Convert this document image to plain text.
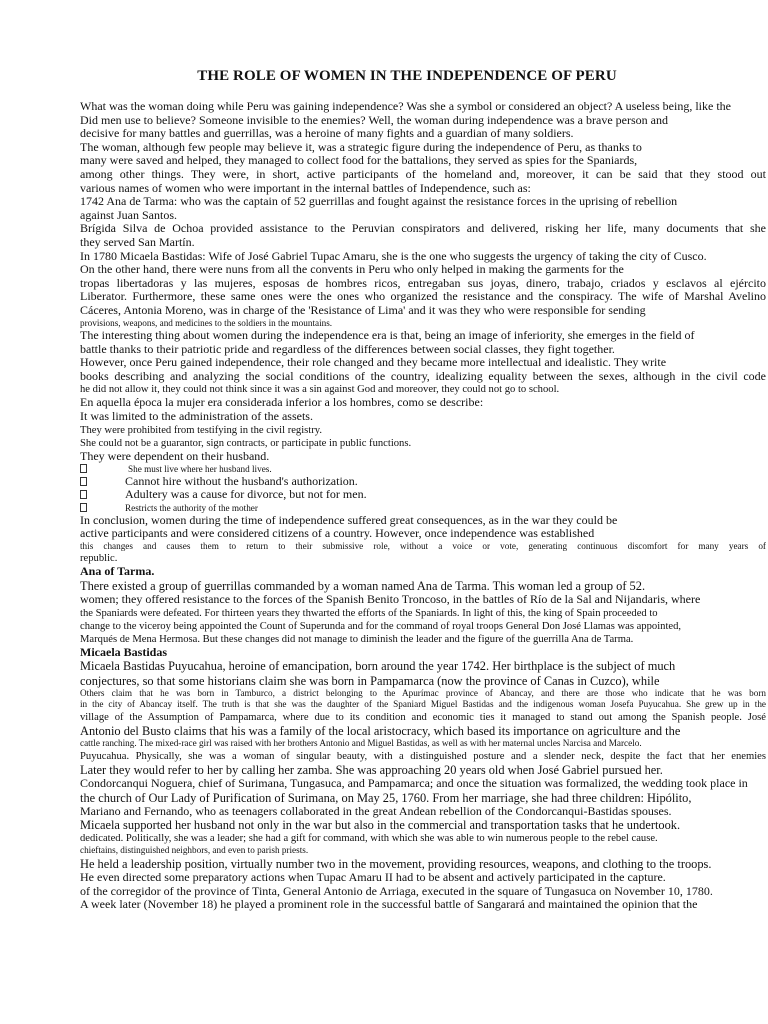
THE ROLE OF WOMEN IN THE INDEPENDENCE OF PERU
What was the woman doing while Peru was gaining independence? Was she a symbol or considered an object? A useless being, like the
Did men use to believe? Someone invisible to the enemies? Well, the woman during independence was a brave person and
decisive for many battles and guerrillas, was a heroine of many fights and a guardian of many soldiers.
The woman, although few people may believe it, was a strategic figure during the independence of Peru, as thanks to
many were saved and helped, they managed to collect food for the battalions, they served as spies for the Spaniards,
among other things. They were, in short, active participants of the homeland and, moreover, it can be said that they stood out
various names of women who were important in the internal battles of Independence, such as:
1742 Ana de Tarma: who was the captain of 52 guerrillas and fought against the resistance forces in the uprising of rebellion
against Juan Santos.
Brígida Silva de Ochoa provided assistance to the Peruvian conspirators and delivered, risking her life, many documents that she
they served San Martín.
In 1780 Micaela Bastidas: Wife of José Gabriel Tupac Amaru, she is the one who suggests the urgency of taking the city of Cusco.
On the other hand, there were nuns from all the convents in Peru who only helped in making the garments for the
tropas libertadoras y las mujeres, esposas de hombres ricos, entregaban sus joyas, dinero, trabajo, criados y esclavos al ejército
Liberator. Furthermore, these same ones were the ones who organized the resistance and the conspiracy. The wife of Marshal Avelino
Cáceres, Antonia Moreno, was in charge of the 'Resistance of Lima' and it was they who were responsible for sending
provisions, weapons, and medicines to the soldiers in the mountains.
The interesting thing about women during the independence era is that, being an image of inferiority, she emerges in the field of
battle thanks to their patriotic pride and regardless of the differences between social classes, they fight together.
However, once Peru gained independence, their role changed and they became more intellectual and idealistic. They write
books describing and analyzing the social conditions of the country, idealizing equality between the sexes, although in the civil code
he did not allow it, they could not think since it was a sin against God and moreover, they could not go to school.
En aquella época la mujer era considerada inferior a los hombres, como se describe:
It was limited to the administration of the assets.
They were prohibited from testifying in the civil registry.
She could not be a guarantor, sign contracts, or participate in public functions.
They were dependent on their husband.
She must live where her husband lives.
Cannot hire without the husband's authorization.
Adultery was a cause for divorce, but not for men.
Restricts the authority of the mother
In conclusion, women during the time of independence suffered great consequences, as in the war they could be
active participants and were considered citizens of a country. However, once independence was established
this changes and causes them to return to their submissive role, without a voice or vote, generating continuous discomfort for many years of
republic.
Ana of Tarma.
There existed a group of guerrillas commanded by a woman named Ana de Tarma. This woman led a group of 52.
women; they offered resistance to the forces of the Spanish Benito Troncoso, in the battles of Río de la Sal and Nijandaris, where
the Spaniards were defeated. For thirteen years they thwarted the efforts of the Spaniards. In light of this, the king of Spain proceeded to
change to the viceroy being appointed the Count of Superunda and for the command of royal troops General Don José Llamas was appointed,
Marqués de Mena Hermosa. But these changes did not manage to diminish the leader and the figure of the guerrilla Ana de Tarma.
Micaela Bastidas
Micaela Bastidas Puyucahua, heroine of emancipation, born around the year 1742. Her birthplace is the subject of much
conjectures, so that some historians claim she was born in Pampamarca (now the province of Canas in Cuzco), while
Others claim that he was born in Tamburco, a district belonging to the Apurímac province of Abancay, and there are those who indicate that he was born
in the city of Abancay itself. The truth is that she was the daughter of the Spaniard Miguel Bastidas and the indigenous woman Josefa Puyucahua. She grew up in the
village of the Assumption of Pampamarca, where due to its condition and economic ties it managed to stand out among the Spanish people. José
Antonio del Busto claims that his was a family of the local aristocracy, which based its importance on agriculture and the
cattle ranching. The mixed-race girl was raised with her brothers Antonio and Miguel Bastidas, as well as with her maternal uncles Narcisa and Marcelo.
Puyucahua. Physically, she was a woman of singular beauty, with a distinguished posture and a slender neck, despite the fact that her enemies
Later they would refer to her by calling her zamba. She was approaching 20 years old when José Gabriel pursued her.
Condorcanqui Noguera, chief of Surimana, Tungasuca, and Pampamarca; and once the situation was formalized, the wedding took place in
the church of Our Lady of Purification of Surimana, on May 25, 1760. From her marriage, she had three children: Hipólito,
Mariano and Fernando, who as teenagers collaborated in the great Andean rebellion of the Condorcanqui-Bastidas spouses.
Micaela supported her husband not only in the war but also in the commercial and transportation tasks that he undertook.
dedicated. Politically, she was a leader; she had a gift for command, with which she was able to win numerous people to the rebel cause.
chieftains, distinguished neighbors, and even to parish priests.
He held a leadership position, virtually number two in the movement, providing resources, weapons, and clothing to the troops.
He even directed some preparatory actions when Tupac Amaru II had to be absent and actively participated in the capture.
of the corregidor of the province of Tinta, General Antonio de Arriaga, executed in the square of Tungasuca on November 10, 1780.
A week later (November 18) he played a prominent role in the successful battle of Sangarará and maintained the opinion that the
